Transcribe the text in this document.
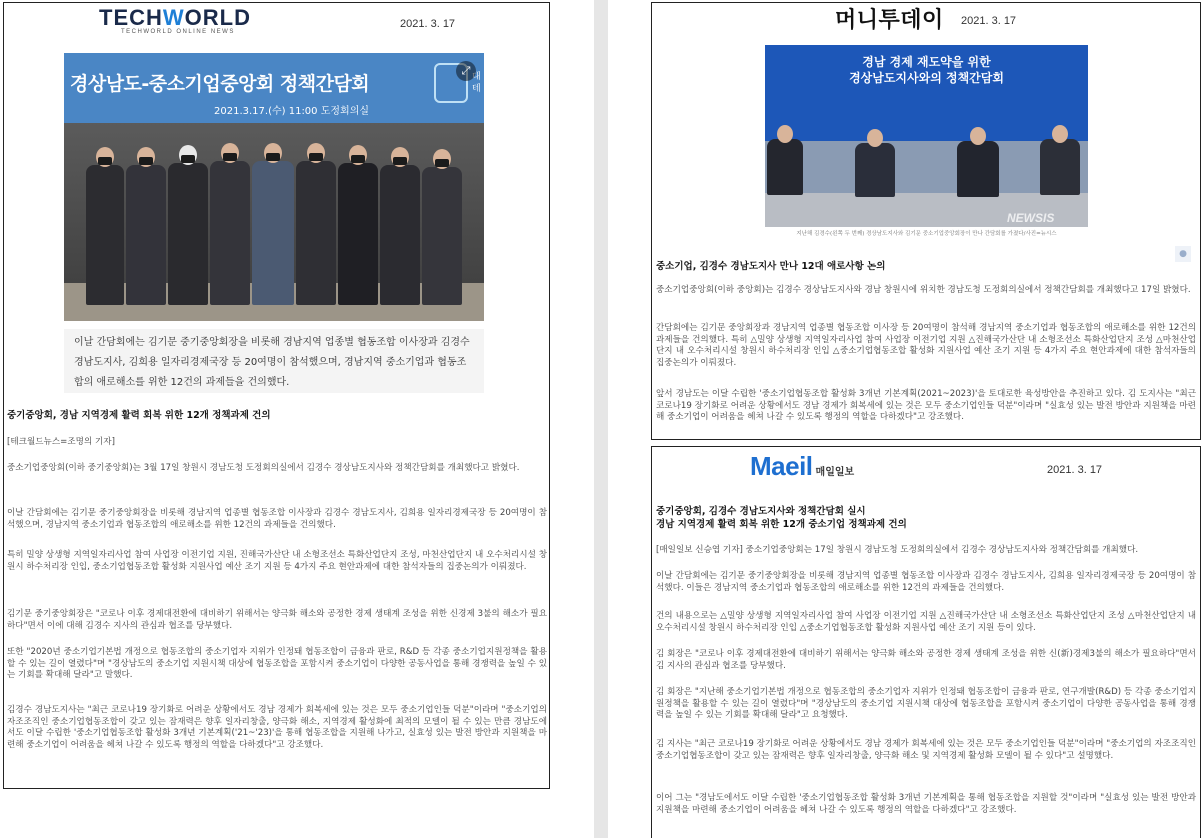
TECHWORLD
TECHWORLD ONLINE NEWS
2021. 3. 17
경상남도-중소기업중앙회 정책간담회
2021.3.17.(수) 11:00 도정회의실
대 테
⤢
이날 간담회에는 김기문 중기중앙회장을 비롯해 경남지역 업종별 협동조합 이사장과 김경수 경남도지사, 김희용 일자리경제국장 등 20여명이 참석했으며, 경남지역 중소기업과 협동조합의 애로해소를 위한 12건의 과제들을 건의했다.
중기중앙회, 경남 지역경제 활력 회복 위한 12개 정책과제 건의
[테크월드뉴스=조명의 기자]
중소기업중앙회(이하 중기중앙회)는 3월 17일 창원시 경남도청 도정회의실에서 김경수 경상남도지사와 정책간담회를 개최했다고 밝혔다.
이날 간담회에는 김기문 중기중앙회장을 비롯해 경남지역 업종별 협동조합 이사장과 김경수 경남도지사, 김희용 일자리경제국장 등 20여명이 참석했으며, 경남지역 중소기업과 협동조합의 애로해소를 위한 12건의 과제들을 건의했다.
특히 밀양 상생형 지역일자리사업 참여 사업장 이전기업 지원, 진해국가산단 내 소형조선소 특화산업단지 조성, 마천산업단지 내 오수처리시설 창원시 하수처리장 인입, 중소기업협동조합 활성화 지원사업 예산 조기 지원 등 4가지 주요 현안과제에 대한 참석자들의 집중논의가 이뤄졌다.
김기문 중기중앙회장은 "코로나 이후 경제대전환에 대비하기 위해서는 양극화 해소와 공정한 경제 생태계 조성을 위한 신경제 3불의 해소가 필요하다"면서 이에 대해 김경수 지사의 관심과 협조를 당부했다.
또한 "2020년 중소기업기본법 개정으로 협동조합의 중소기업자 지위가 인정돼 협동조합이 금융과 판로, R&D 등 각종 중소기업지원정책을 활용할 수 있는 길이 열렸다"며 "경상남도의 중소기업 지원시책 대상에 협동조합을 포함시켜 중소기업이 다양한 공동사업을 통해 경쟁력을 높일 수 있는 기회를 확대해 달라"고 말했다.
김경수 경남도지사는 "최근 코로나19 장기화로 어려운 상황에서도 경남 경제가 회복세에 있는 것은 모두 중소기업인들 덕분"이라며 "중소기업의 자조조직인 중소기업협동조합이 갖고 있는 잠재력은 향후 일자리창출, 양극화 해소, 지역경제 활성화에 최적의 모델이 될 수 있는 만큼 경남도에서도 이달 수립한 '중소기업협동조합 활성화 3개년 기본계획('21~'23)'을 통해 협동조합을 지원해 나가고, 실효성 있는 발전 방안과 지원책을 마련해 중소기업이 어려움을 헤쳐 나갈 수 있도록 행정의 역할을 다하겠다"고 강조했다.
머니투데이 2021. 3. 17
경남 경제 재도약을 위한
경상남도지사와의 정책간담회
NEWSIS
지난해 김경수(왼쪽 두 번째) 경상남도지사와 김기문 중소기업중앙회장이 만나 간담회를 가졌다/사진=뉴시스
●
중소기업, 김경수 경남도지사 만나 12대 애로사항 논의
중소기업중앙회(이하 중앙회)는 김경수 경상남도지사와 경남 창원시에 위치한 경남도청 도정회의실에서 정책간담회를 개최했다고 17일 밝혔다.
간담회에는 김기문 중앙회장과 경남지역 업종별 협동조합 이사장 등 20여명이 참석해 경남지역 중소기업과 협동조합의 애로해소를 위한 12건의 과제들을 건의했다. 특히 △밀양 상생형 지역일자리사업 참여 사업장 이전기업 지원 △진해국가산단 내 소형조선소 특화산업단지 조성 △마천산업단지 내 오수처리시설 창원시 하수처리장 인입 △중소기업협동조합 활성화 지원사업 예산 조기 지원 등 4가지 주요 현안과제에 대한 참석자들의 집중논의가 이뤄졌다.
앞서 경남도는 이달 수립한 '중소기업협동조합 활성화 3개년 기본계획(2021~2023)'을 토대로한 육성방안을 추진하고 있다. 김 도지사는 "최근 코로나19 장기화로 어려운 상황에서도 경남 경제가 회복세에 있는 것은 모두 중소기업인들 덕분"이라며 "실효성 있는 발전 방안과 지원책을 마련해 중소기업이 어려움을 헤쳐 나갈 수 있도록 행정의 역할을 다하겠다"고 강조했다.
Maeil 매일일보	2021. 3. 17
중기중앙회, 김경수 경남도지사와 정책간담회 실시
경남 지역경제 활력 회복 위한 12개 중소기업 정책과제 건의
[매일일보 신승엽 기자] 중소기업중앙회는 17일 창원시 경남도청 도정회의실에서 김경수 경상남도지사와 정책간담회를 개최했다.
이날 간담회에는 김기문 중기중앙회장을 비롯해 경남지역 업종별 협동조합 이사장과 김경수 경남도지사, 김희용 일자리경제국장 등 20여명이 참석했다. 이들은 경남지역 중소기업과 협동조합의 애로해소를 위한 12건의 과제들을 건의했다.
건의 내용으로는 △밀양 상생형 지역일자리사업 참여 사업장 이전기업 지원 △진해국가산단 내 소형조선소 특화산업단지 조성 △마천산업단지 내 오수처리시설 창원시 하수처리장 인입 △중소기업협동조합 활성화 지원사업 예산 조기 지원 등이 있다.
김 회장은 "코로나 이후 경제대전환에 대비하기 위해서는 양극화 해소와 공정한 경제 생태계 조성을 위한 신(新)경제3불의 해소가 필요하다"면서 김 지사의 관심과 협조를 당부했다.
김 회장은 "지난해 중소기업기본법 개정으로 협동조합의 중소기업자 지위가 인정돼 협동조합이 금융과 판로, 연구개발(R&D) 등 각종 중소기업지원정책을 활용할 수 있는 길이 열렸다"며 "경상남도의 중소기업 지원시책 대상에 협동조합을 포함시켜 중소기업이 다양한 공동사업을 통해 경쟁력을 높일 수 있는 기회를 확대해 달라"고 요청했다.
김 지사는 "최근 코로나19 장기화로 어려운 상황에서도 경남 경제가 회복세에 있는 것은 모두 중소기업인들 덕분"이라며 "중소기업의 자조조직인 중소기업협동조합이 갖고 있는 잠재력은 향후 일자리창출, 양극화 해소 및 지역경제 활성화 모델이 될 수 있다"고 설명했다.
이어 그는 "경남도에서도 이달 수립한 '중소기업협동조합 활성화 3개년 기본계획을 통해 협동조합을 지원할 것"이라며 "실효성 있는 발전 방안과 지원책을 마련해 중소기업이 어려움을 헤쳐 나갈 수 있도록 행정의 역할을 다하겠다"고 강조했다.
